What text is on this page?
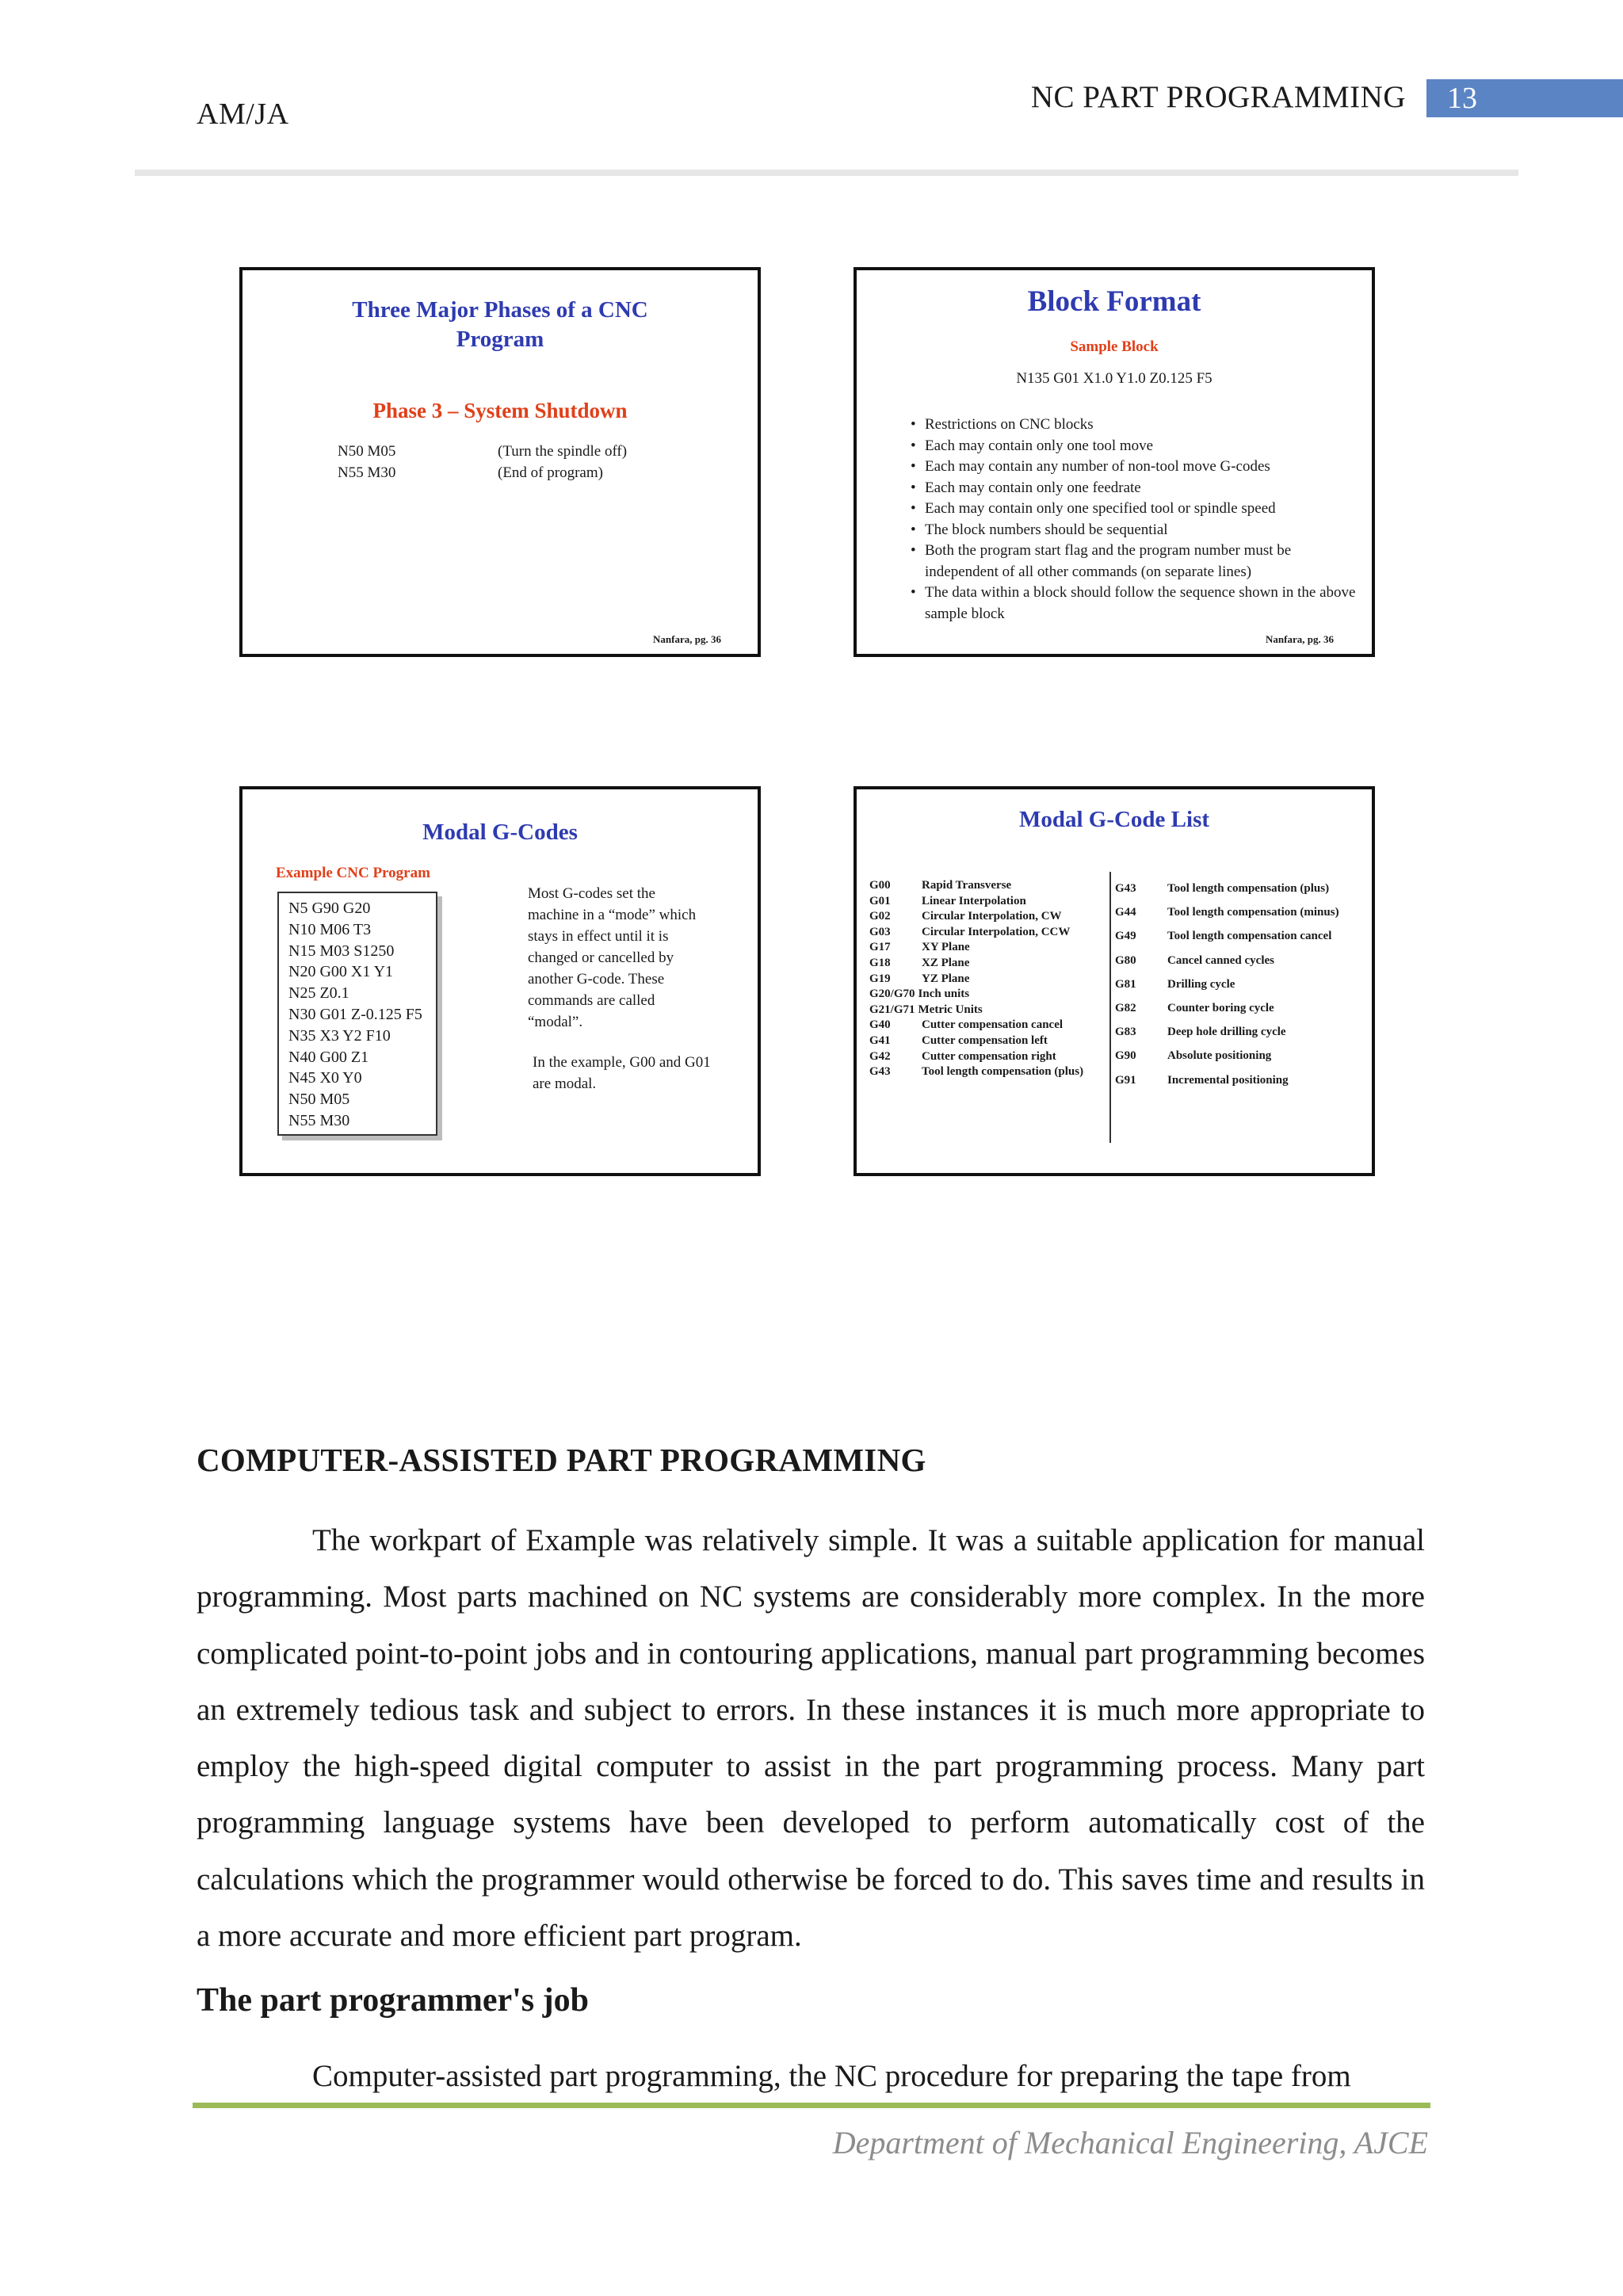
AM/JA	NC PART PROGRAMMING	13
Three Major Phases of a CNC
Program
Phase 3 – System Shutdown
N50 M05	(Turn the spindle off)
N55 M30	(End of program)
Nanfara, pg. 36
Block Format
Sample Block
N135 G01 X1.0 Y1.0 Z0.125 F5
• Restrictions on CNC blocks
• Each may contain only one tool move
• Each may contain any number of non-tool move G-codes
• Each may contain only one feedrate
• Each may contain only one specified tool or spindle speed
• The block numbers should be sequential
• Both the program start flag and the program number must be independent of all other commands (on separate lines)
• The data within a block should follow the sequence shown in the above sample block
Nanfara, pg. 36
Modal G-Codes
Example CNC Program
N5 G90 G20
N10 M06 T3
N15 M03 S1250
N20 G00 X1 Y1
N25 Z0.1
N30 G01 Z-0.125 F5
N35 X3 Y2 F10
N40 G00 Z1
N45 X0 Y0
N50 M05
N55 M30
Most G-codes set the machine in a “mode” which stays in effect until it is changed or cancelled by another G-code. These commands are called “modal”.
In the example, G00 and G01 are modal.
Modal G-Code List
G00	Rapid Transverse
G01	Linear Interpolation
G02	Circular Interpolation, CW
G03	Circular Interpolation, CCW
G17	XY Plane
G18	XZ Plane
G19	YZ Plane
G20/G70 Inch units
G21/G71 Metric Units
G40	Cutter compensation cancel
G41	Cutter compensation left
G42	Cutter compensation right
G43	Tool length compensation (plus)
G43	Tool length compensation (plus)
G44	Tool length compensation (minus)
G49	Tool length compensation cancel
G80	Cancel canned cycles
G81	Drilling cycle
G82	Counter boring cycle
G83	Deep hole drilling cycle
G90	Absolute positioning
G91	Incremental positioning
COMPUTER-ASSISTED PART PROGRAMMING
The workpart of Example was relatively simple. It was a suitable application for manual programming. Most parts machined on NC systems are considerably more complex. In the more complicated point-to-point jobs and in contouring applications, manual part programming becomes an extremely tedious task and subject to errors. In these instances it is much more appropriate to employ the high-speed digital computer to assist in the part programming process. Many part programming language systems have been developed to perform automatically cost of the calculations which the programmer would otherwise be forced to do. This saves time and results in a more accurate and more efficient part program.
The part programmer's job
Computer-assisted part programming, the NC procedure for preparing the tape from
Department of Mechanical Engineering, AJCE
